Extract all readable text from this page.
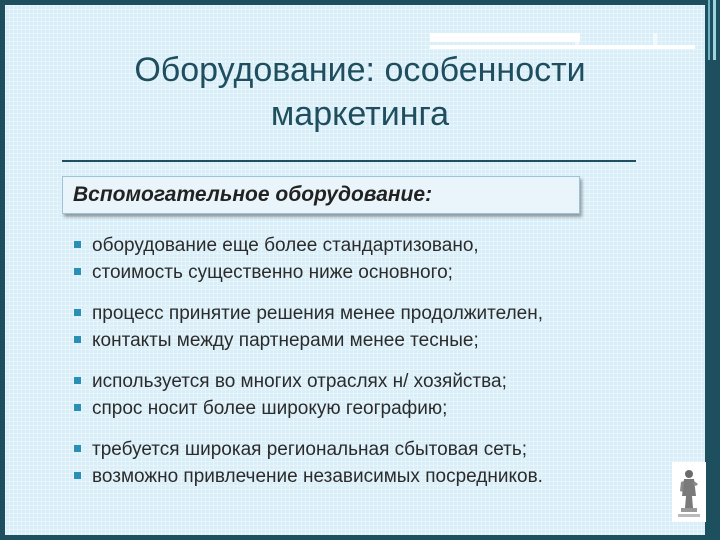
Оборудование: особенности маркетинга
Вспомогательное оборудование:
оборудование еще более стандартизовано,
стоимость существенно ниже основного;
процесс принятие решения менее продолжителен,
контакты между партнерами менее тесные;
используется во многих отраслях н/ хозяйства;
спрос носит более широкую географию;
требуется широкая региональная сбытовая сеть;
возможно привлечение независимых посредников.
